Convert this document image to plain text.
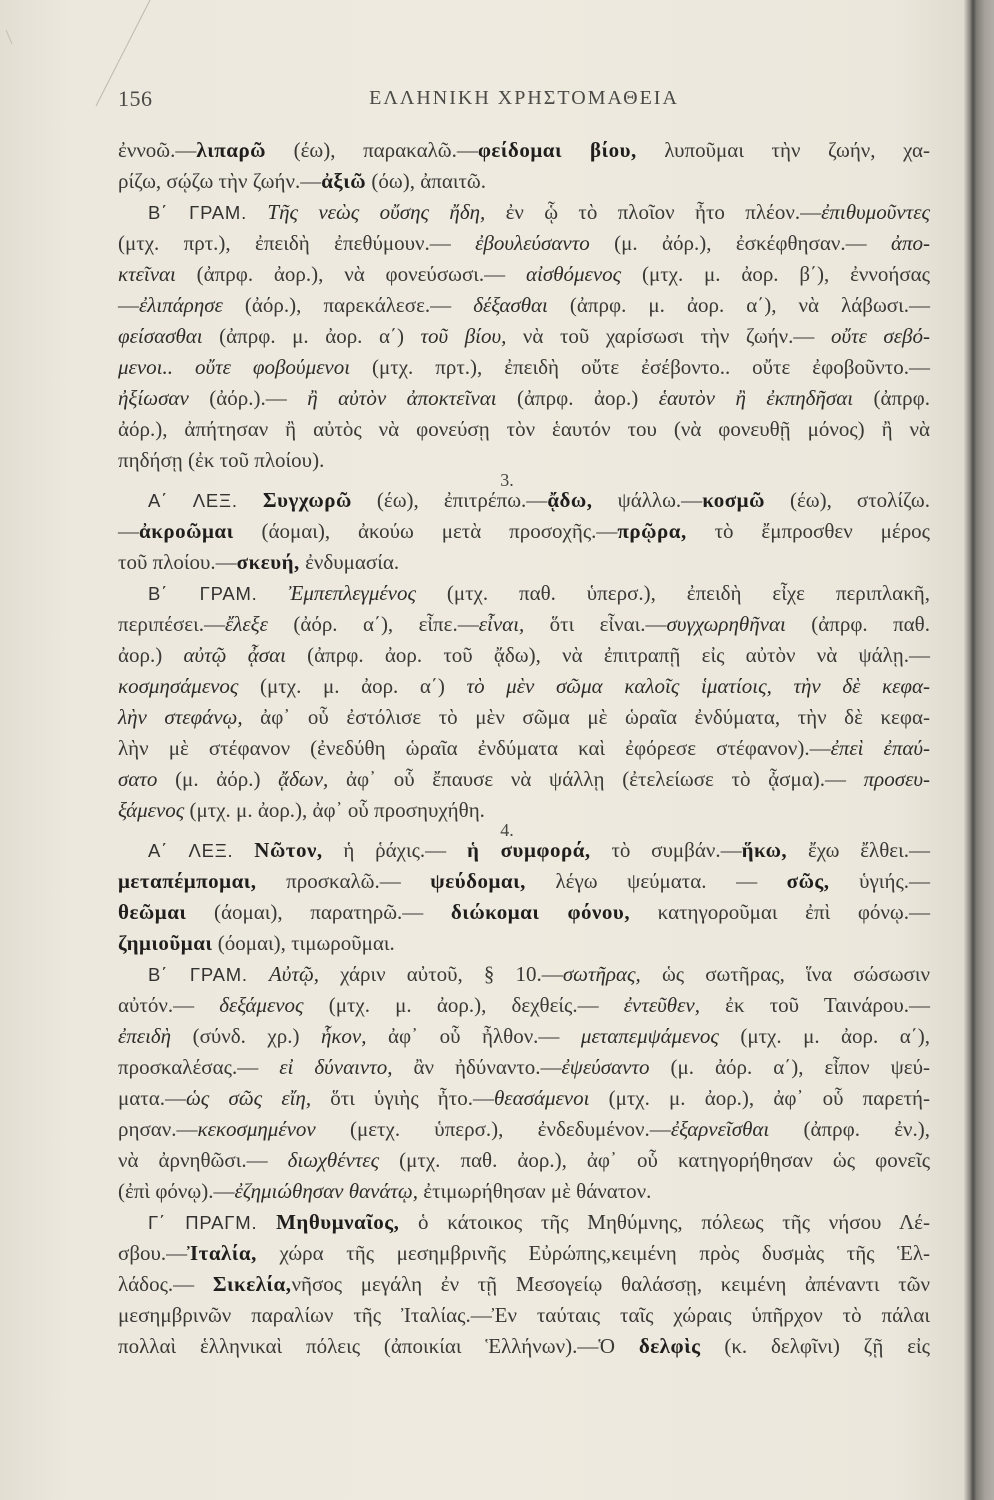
156	ΕΛΛΗΝΙΚΗ ΧΡΗΣΤΟΜΑΘΕΙΑ
ἐννοῶ.—λιπαρῶ (έω), παρακαλῶ.—φείδομαι βίου, λυποῦμαι τὴν ζωήν, χα-
ρίζω, σῴζω τὴν ζωήν.—ἀξιῶ (όω), ἀπαιτῶ.
Β΄ ΓΡΑΜ. Τῆς νεὼς οὔσης ἤδη, ἐν ᾧ τὸ πλοῖον ἦτο πλέον.—ἐπιθυμοῦντες
(μτχ. πρτ.), ἐπειδὴ ἐπεθύμουν.— ἐβουλεύσαντο (μ. ἀόρ.), ἐσκέφθησαν.— ἀπο-
κτεῖναι (ἀπρφ. ἀορ.), νὰ φονεύσωσι.— αἰσθόμενος (μτχ. μ. ἀορ. β΄), ἐννοήσας
—ἐλιπάρησε (ἀόρ.), παρεκάλεσε.— δέξασθαι (ἀπρφ. μ. ἀορ. α΄), νὰ λάβωσι.—
φείσασθαι (ἀπρφ. μ. ἀορ. α΄) τοῦ βίου, νὰ τοῦ χαρίσωσι τὴν ζωήν.— οὔτε σεβό-
μενοι.. οὔτε φοβούμενοι (μτχ. πρτ.), ἐπειδὴ οὔτε ἐσέβοντο.. οὔτε ἐφοβοῦντο.—
ἠξίωσαν (ἀόρ.).— ἢ αὐτὸν ἀποκτεῖναι (ἀπρφ. ἀορ.) ἑαυτὸν ἢ ἐκπηδῆσαι (ἀπρφ.
ἀόρ.), ἀπήτησαν ἢ αὐτὸς νὰ φονεύσῃ τὸν ἑαυτόν του (νὰ φονευθῇ μόνος) ἢ νὰ
πηδήσῃ (ἐκ τοῦ πλοίου).
3.
Α΄ ΛΕΞ. Συγχωρῶ (έω), ἐπιτρέπω.—ᾄδω, ψάλλω.—κοσμῶ (έω), στολίζω.
—ἀκροῶμαι (άομαι), ἀκούω μετὰ προσοχῆς.—πρῷρα, τὸ ἔμπροσθεν μέρος
τοῦ πλοίου.—σκευή, ἐνδυμασία.
Β΄ ΓΡΑΜ. Ἐμπεπλεγμένος (μτχ. παθ. ὑπερσ.), ἐπειδὴ εἶχε περιπλακῆ,
περιπέσει.—ἔλεξε (ἀόρ. α΄), εἶπε.—εἶναι, ὅτι εἶναι.—συγχωρηθῆναι (ἀπρφ. παθ.
ἀορ.) αὐτῷ ᾆσαι (ἀπρφ. ἀορ. τοῦ ᾄδω), νὰ ἐπιτραπῇ εἰς αὐτὸν νὰ ψάλῃ.—
κοσμησάμενος (μτχ. μ. ἀορ. α΄) τὸ μὲν σῶμα καλοῖς ἱματίοις, τὴν δὲ κεφα-
λὴν στεφάνῳ, ἀφ᾽ οὗ ἐστόλισε τὸ μὲν σῶμα μὲ ὡραῖα ἐνδύματα, τὴν δὲ κεφα-
λὴν μὲ στέφανον (ἐνεδύθη ὡραῖα ἐνδύματα καὶ ἐφόρεσε στέφανον).—ἐπεὶ ἐπαύ-
σατο (μ. ἀόρ.) ᾄδων, ἀφ᾽ οὗ ἔπαυσε νὰ ψάλλῃ (ἐτελείωσε τὸ ᾆσμα).— προσευ-
ξάμενος (μτχ. μ. ἀορ.), ἀφ᾽ οὗ προσηυχήθη.
4.
Α΄ ΛΕΞ. Νῶτον, ἡ ῥάχις.— ἡ συμφορά, τὸ συμβάν.—ἥκω, ἔχω ἔλθει.—
μεταπέμπομαι, προσκαλῶ.— ψεύδομαι, λέγω ψεύματα. — σῶς, ὑγιής.—
θεῶμαι (άομαι), παρατηρῶ.— διώκομαι φόνου, κατηγοροῦμαι ἐπὶ φόνῳ.—
ζημιοῦμαι (όομαι), τιμωροῦμαι.
Β΄ ΓΡΑΜ. Αὐτῷ, χάριν αὐτοῦ, § 10.—σωτῆρας, ὡς σωτῆρας, ἵνα σώσωσιν
αὐτόν.— δεξάμενος (μτχ. μ. ἀορ.), δεχθείς.— ἐντεῦθεν, ἐκ τοῦ Ταινάρου.—
ἐπειδὴ (σύνδ. χρ.) ἧκον, ἀφ᾽ οὗ ἦλθον.— μεταπεμψάμενος (μτχ. μ. ἀορ. α΄),
προσκαλέσας.— εἰ δύναιντο, ἂν ἠδύναντο.—ἐψεύσαντο (μ. ἀόρ. α΄), εἶπον ψεύ-
ματα.—ὡς σῶς εἴη, ὅτι ὑγιὴς ἦτο.—θεασάμενοι (μτχ. μ. ἀορ.), ἀφ᾽ οὗ παρετή-
ρησαν.—κεκοσμημένον (μετχ. ὑπερσ.), ἐνδεδυμένον.—ἐξαρνεῖσθαι (ἀπρφ. ἐν.),
νὰ ἀρνηθῶσι.— διωχθέντες (μτχ. παθ. ἀορ.), ἀφ᾽ οὗ κατηγορήθησαν ὡς φονεῖς
(ἐπὶ φόνῳ).—ἐζημιώθησαν θανάτῳ, ἐτιμωρήθησαν μὲ θάνατον.
Γ΄ ΠΡΑΓΜ. Μηθυμναῖος, ὁ κάτοικος τῆς Μηθύμνης, πόλεως τῆς νήσου Λέ-
σβου.—Ἰταλία, χώρα τῆς μεσημβρινῆς Εὐρώπης,κειμένη πρὸς δυσμὰς τῆς Ἑλ-
λάδος.— Σικελία,νῆσος μεγάλη ἐν τῇ Μεσογείῳ θαλάσσῃ, κειμένη ἀπέναντι τῶν
μεσημβρινῶν παραλίων τῆς Ἰταλίας.—Ἐν ταύταις ταῖς χώραις ὑπῆρχον τὸ πάλαι
πολλαὶ ἑλληνικαὶ πόλεις (ἀποικίαι Ἑλλήνων).—Ὁ δελφὶς (κ. δελφῖνι) ζῇ εἰς
